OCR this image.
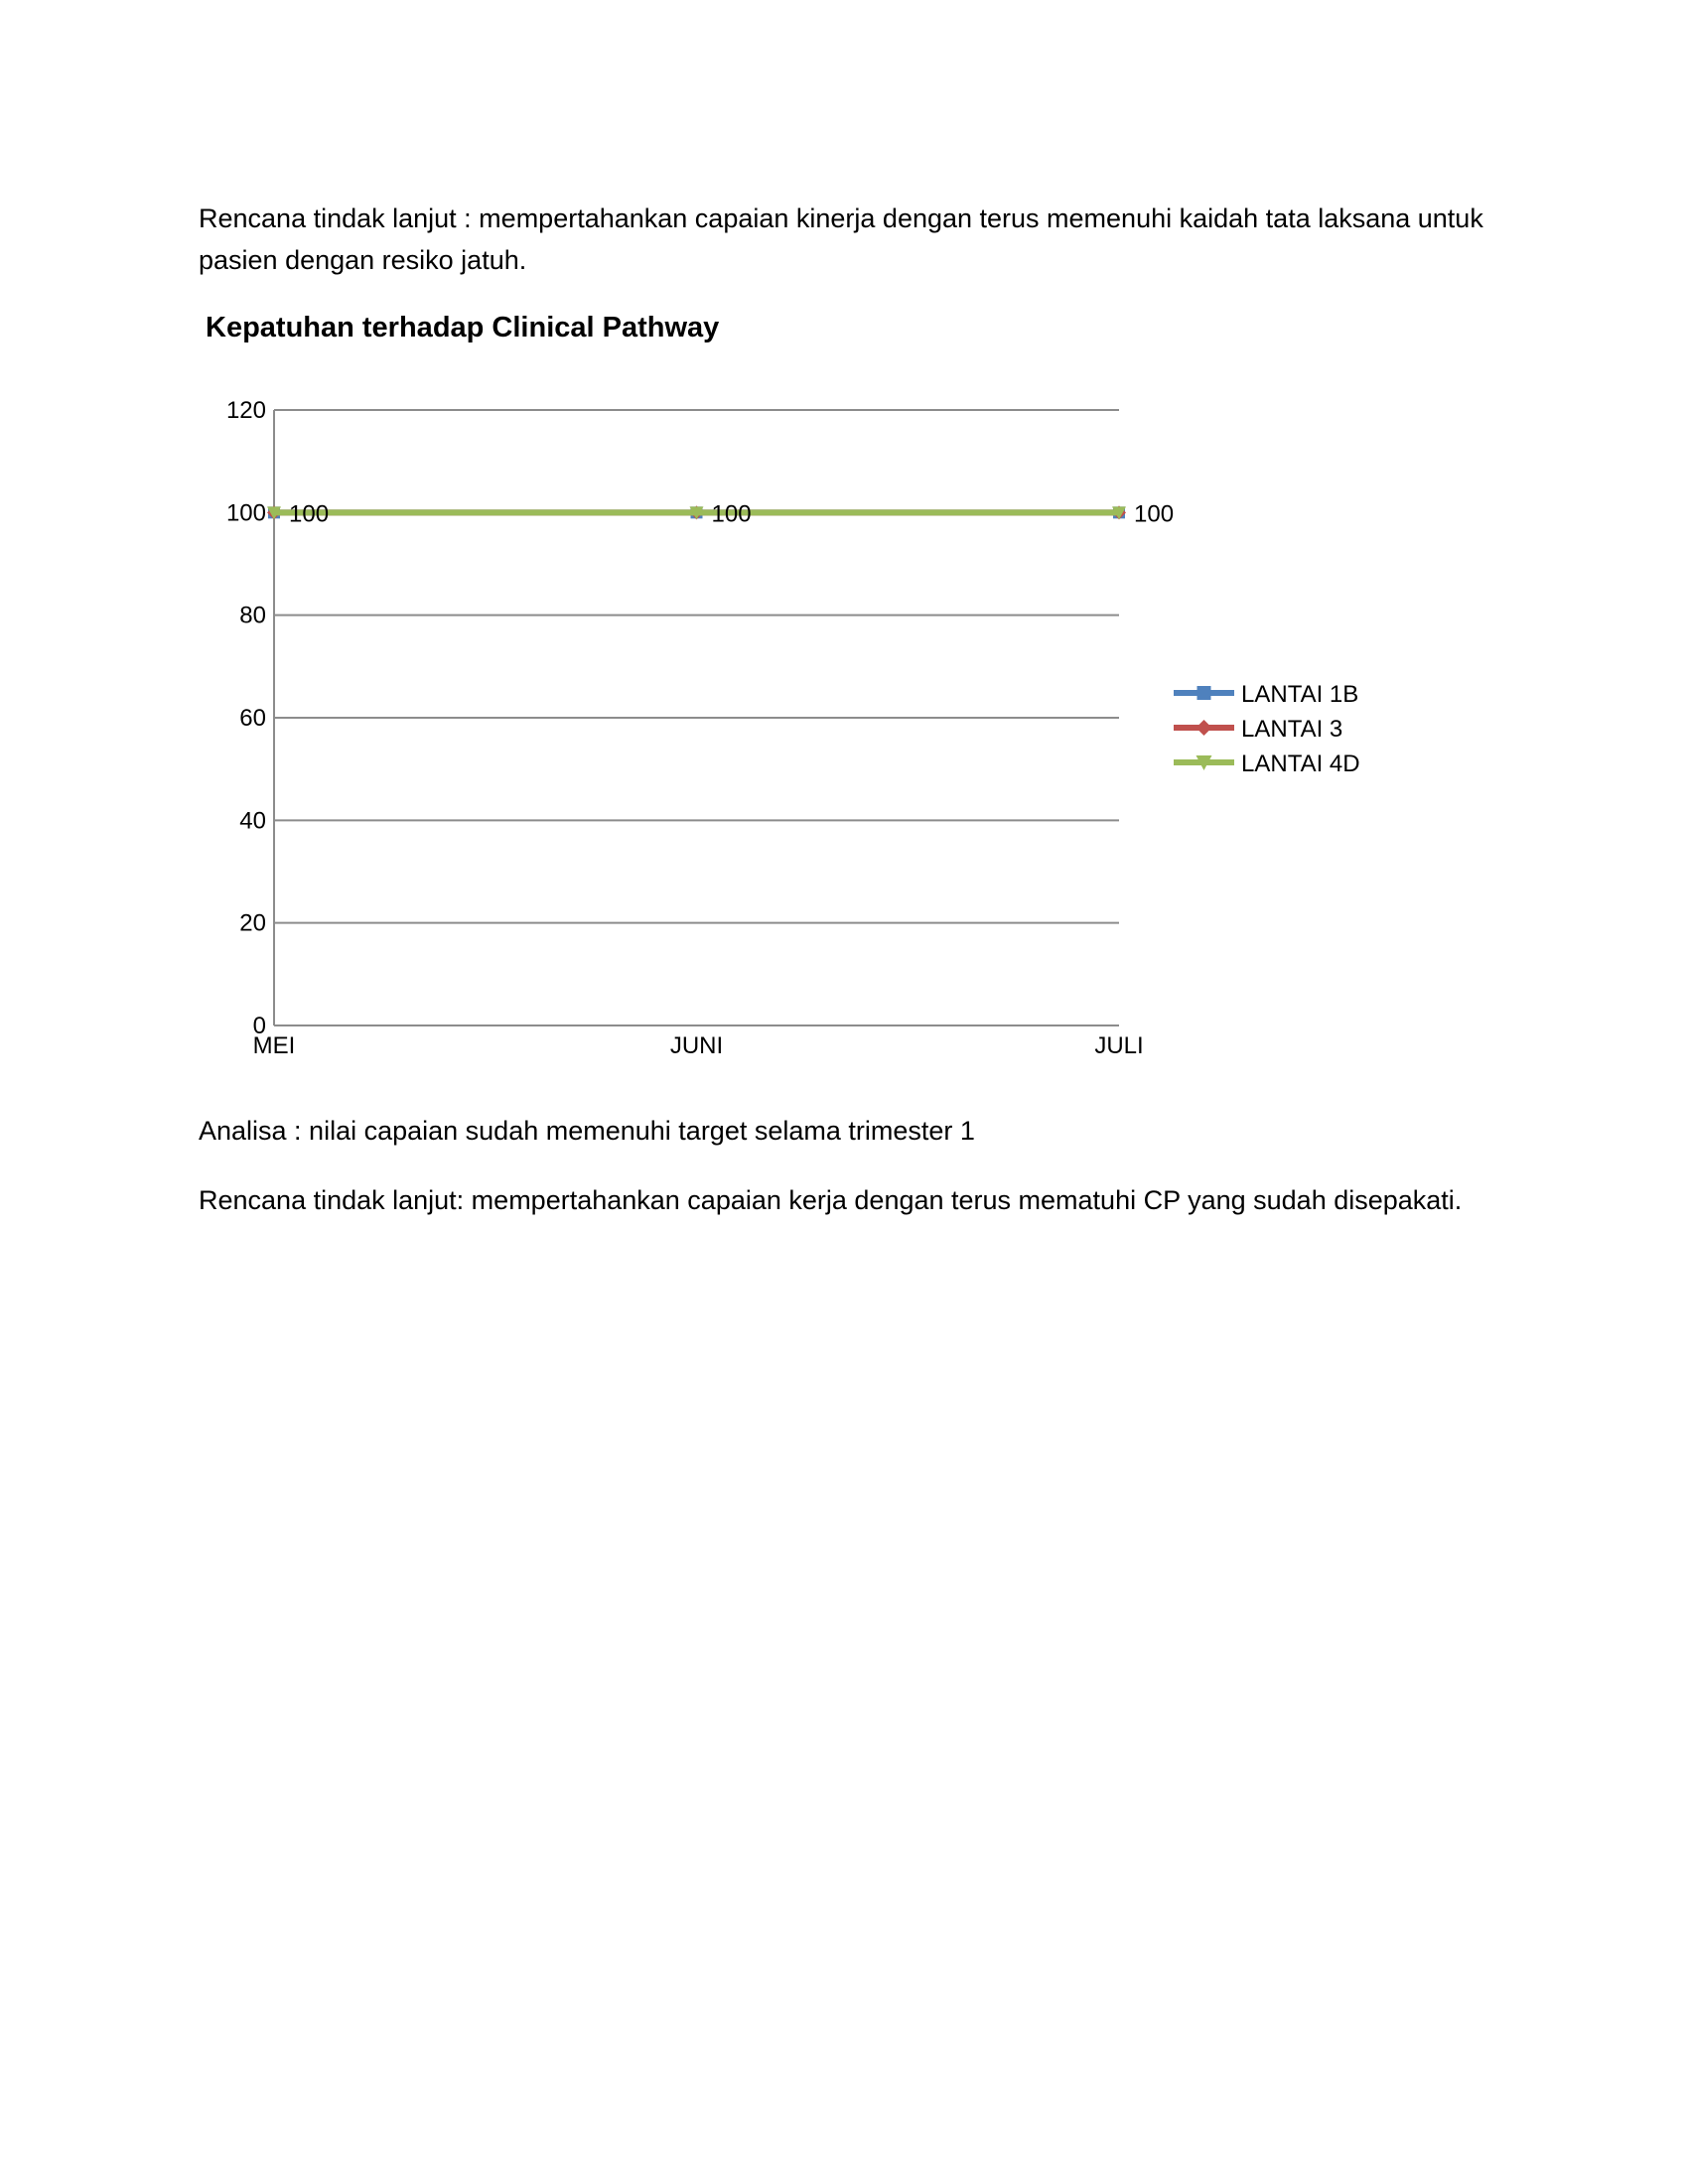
Rencana tindak lanjut : mempertahankan capaian kinerja dengan terus memenuhi kaidah tata laksana untuk pasien dengan resiko jatuh.

Kepatuhan terhadap Clinical Pathway

0
20
40
60
80
100
120
MEI	JUNI	JULI
100	100	100
LANTAI 1B
LANTAI 3
LANTAI 4D

Analisa : nilai capaian sudah memenuhi target selama trimester 1

Rencana tindak lanjut: mempertahankan capaian kerja dengan terus mematuhi CP yang sudah disepakati.
